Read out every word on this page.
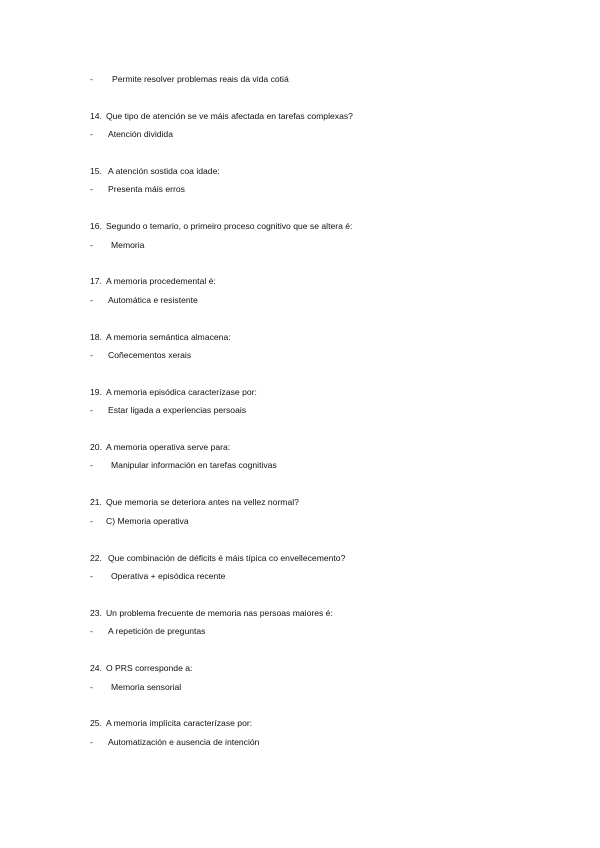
- Permite resolver problemas reais da vida cotiá
14. Que tipo de atención se ve máis afectada en tarefas complexas?
- Atención dividida
15. A atención sostida coa idade:
- Presenta máis erros
16. Segundo o temario, o primeiro proceso cognitivo que se altera é:
- Memoria
17. A memoria procedemental é:
- Automática e resistente
18. A memoria semántica almacena:
- Coñecementos xerais
19. A memoria episódica caracterízase por:
- Estar ligada a experiencias persoais
20. A memoria operativa serve para:
- Manipular información en tarefas cognitivas
21. Que memoria se deteriora antes na vellez normal?
- C) Memoria operativa
22. Que combinación de déficits é máis típica co envellecemento?
- Operativa + episódica recente
23. Un problema frecuente de memoria nas persoas maiores é:
- A repetición de preguntas
24. O PRS corresponde a:
- Memoria sensorial
25. A memoria implícita caracterízase por:
- Automatización e ausencia de intención
